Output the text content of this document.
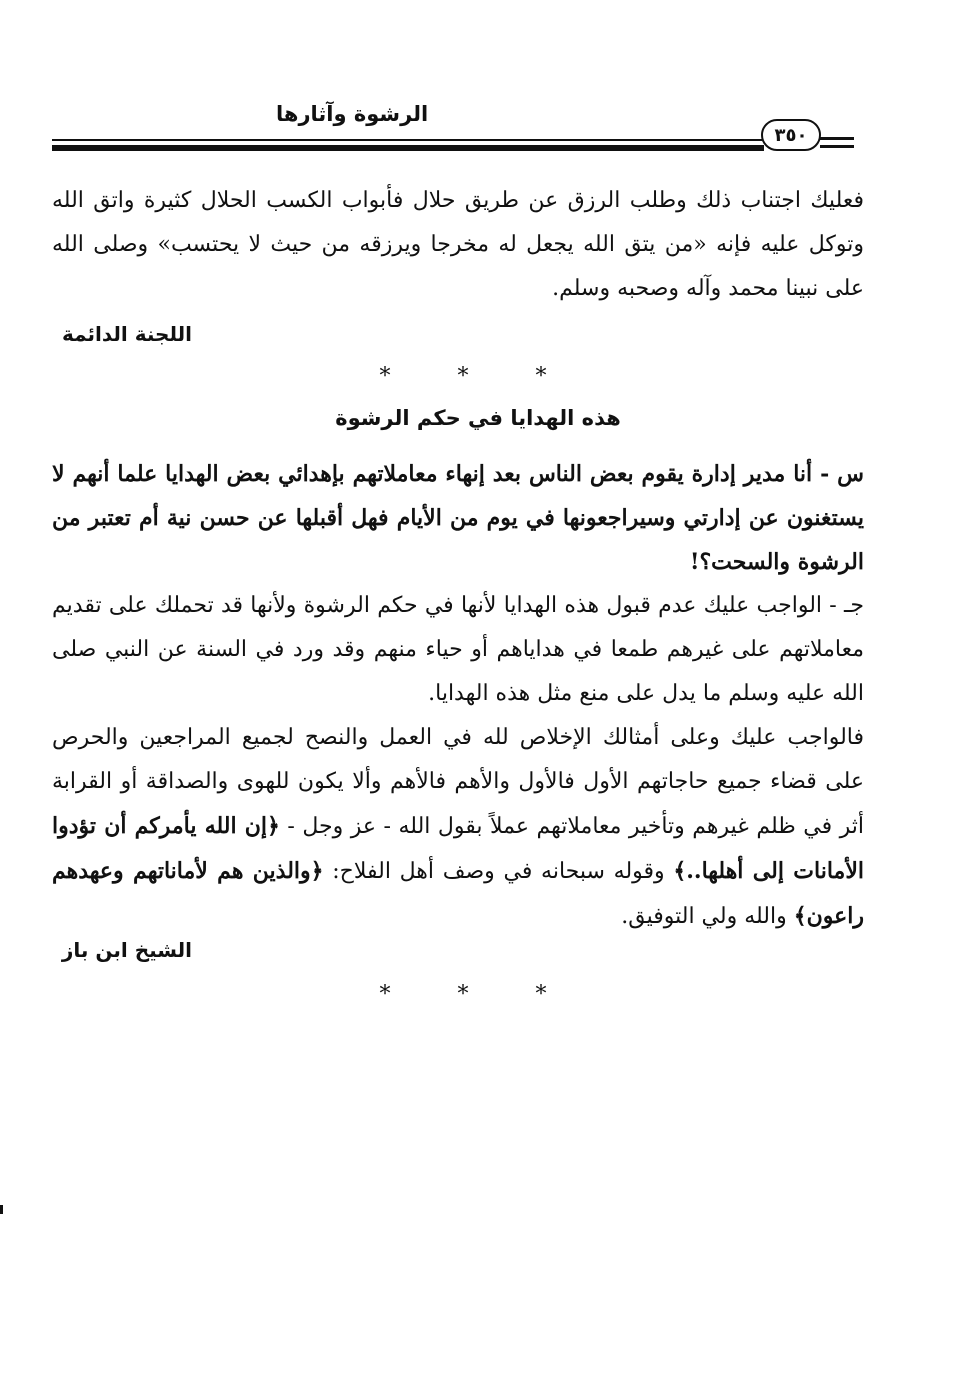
الرشوة وآثارها
٣٥٠

فعليك اجتناب ذلك وطلب الرزق عن طريق حلال فأبواب الكسب الحلال كثيرة واتق الله وتوكل عليه فإنه «من يتق الله يجعل له مخرجا ويرزقه من حيث لا يحتسب» وصلى الله على نبينا محمد وآله وصحبه وسلم.

اللجنة الدائمة
* * *
هذه الهدايا في حكم الرشوة

س - أنا مدير إدارة يقوم بعض الناس بعد إنهاء معاملاتهم بإهدائي بعض الهدايا علما أنهم لا يستغنون عن إدارتي وسيراجعونها في يوم من الأيام فهل أقبلها عن حسن نية أم تعتبر من الرشوة والسحت؟!

جـ - الواجب عليك عدم قبول هذه الهدايا لأنها في حكم الرشوة ولأنها قد تحملك على تقديم معاملاتهم على غيرهم طمعا في هداياهم أو حياء منهم وقد ورد في السنة عن النبي صلى الله عليه وسلم ما يدل على منع مثل هذه الهدايا.

فالواجب عليك وعلى أمثالك الإخلاص لله في العمل والنصح لجميع المراجعين والحرص على قضاء جميع حاجاتهم الأول فالأول والأهم فالأهم وألا يكون للهوى والصداقة أو القرابة أثر في ظلم غيرهم وتأخير معاملاتهم عملاً بقول الله - عز وجل - ﴿إن الله يأمركم أن تؤدوا الأمانات إلى أهلها..﴾ وقوله سبحانه في وصف أهل الفلاح: ﴿والذين هم لأماناتهم وعهدهم راعون﴾ والله ولي التوفيق.

الشيخ ابن باز
* * *
